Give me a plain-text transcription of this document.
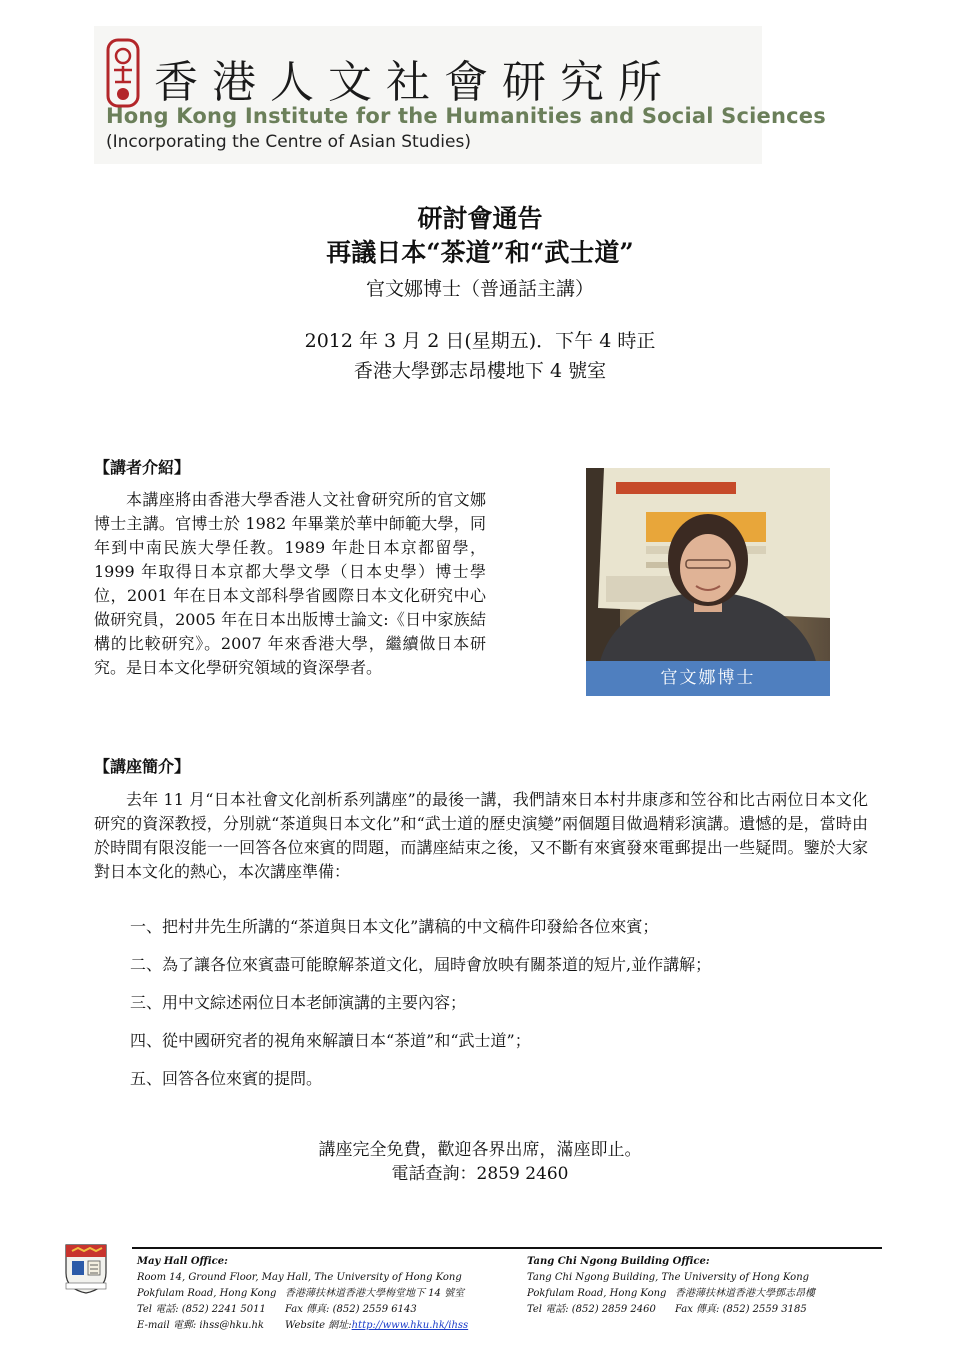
香港人文社會研究所
Hong Kong Institute for the Humanities and Social Sciences
(Incorporating the Centre of Asian Studies)
研討會通告
再議日本“茶道”和“武士道”
官文娜博士（普通話主講）
2012 年 3 月 2 日(星期五)．下午 4 時正
香港大學鄧志昂樓地下 4 號室
【講者介紹】

本講座將由香港大學香港人文社會研究所的官文娜博士主講。官博士於 1982 年畢業於華中師範大學，同年到中南民族大學任教。1989 年赴日本京都留學，1999 年取得日本京都大學文學（日本史學）博士學位，2001 年在日本文部科學省國際日本文化研究中心做研究員，2005 年在日本出版博士論文:《日中家族結構的比較研究》。2007 年來香港大學，繼續做日本研究。是日本文化學研究領域的資深學者。

官文娜博士
【講座簡介】

去年 11 月“日本社會文化剖析系列講座”的最後一講，我們請來日本村井康彥和笠谷和比古兩位日本文化研究的資深教授，分別就“茶道與日本文化”和“武士道的歷史演變”兩個題目做過精彩演講。遺憾的是，當時由於時間有限沒能一一回答各位來賓的問題，而講座結束之後，又不斷有來賓發來電郵提出一些疑問。鑒於大家對日本文化的熱心，本次講座準備：

一、把村井先生所講的“茶道與日本文化”講稿的中文稿件印發給各位來賓；
二、為了讓各位來賓盡可能瞭解茶道文化，屆時會放映有關茶道的短片,並作講解；
三、用中文綜述兩位日本老師演講的主要內容；
四、從中國研究者的視角來解讀日本“茶道”和“武士道”；
五、回答各位來賓的提問。
講座完全免費，歡迎各界出席，滿座即止。
電話查詢：2859 2460
May Hall Office:
Room 14, Ground Floor, May Hall, The University of Hong Kong
Pokfulam Road, Hong Kong 香港薄扶林道香港大學梅堂地下 14 號室
Tel 電話: (852) 2241 5011 Fax 傳真: (852) 2559 6143
E-mail 電郵: ihss@hku.hk Website 網址:http://www.hku.hk/ihss
Tang Chi Ngong Building Office:
Tang Chi Ngong Building, The University of Hong Kong
Pokfulam Road, Hong Kong 香港薄扶林道香港大學鄧志昂樓
Tel 電話: (852) 2859 2460 Fax 傳真: (852) 2559 3185
